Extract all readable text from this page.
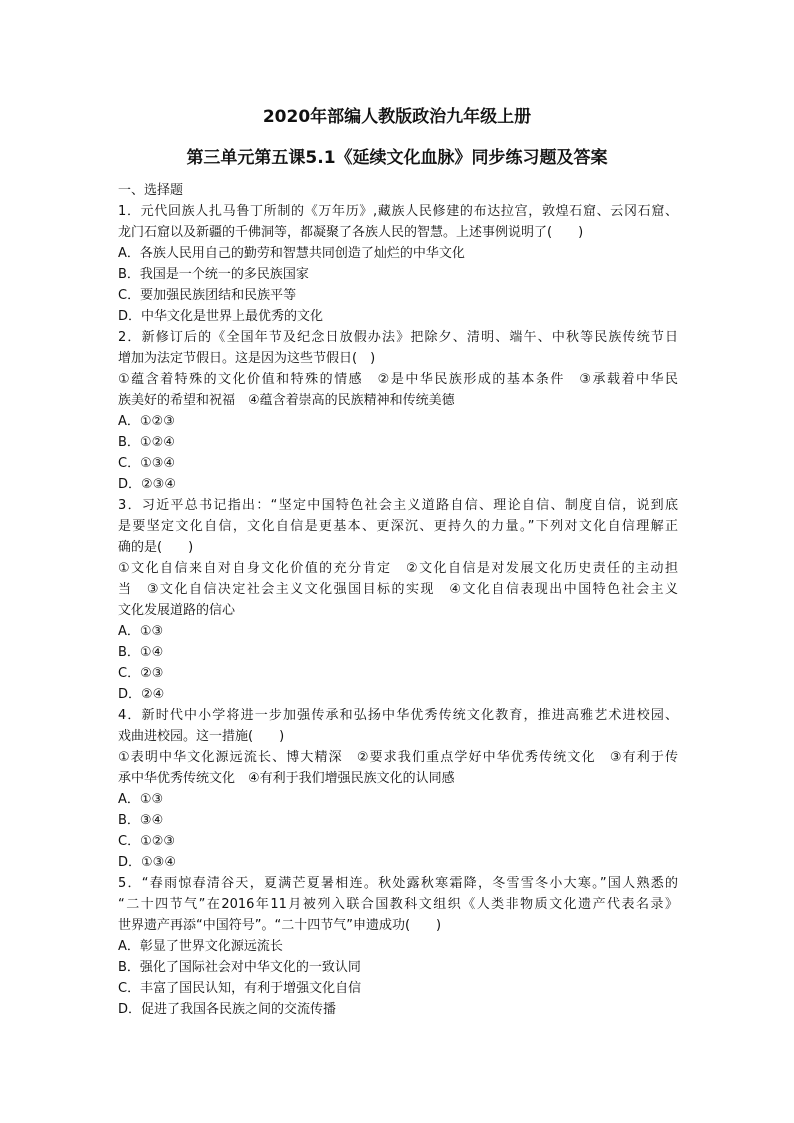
2020年部编人教版政治九年级上册
第三单元第五课5.1《延续文化血脉》同步练习题及答案
一、选择题
1．元代回族人扎马鲁丁所制的《万年历》,藏族人民修建的布达拉宫，敦煌石窟、云冈石窟、
龙门石窟以及新疆的千佛洞等，都凝聚了各族人民的智慧。上述事例说明了(　　)
A．各族人民用自己的勤劳和智慧共同创造了灿烂的中华文化
B．我国是一个统一的多民族国家
C．要加强民族团结和民族平等
D．中华文化是世界上最优秀的文化
2．新修订后的《全国年节及纪念日放假办法》把除夕、清明、端午、中秋等民族传统节日
增加为法定节假日。这是因为这些节假日(　)
①蕴含着特殊的文化价值和特殊的情感　②是中华民族形成的基本条件　③承载着中华民
族美好的希望和祝福　④蕴含着崇高的民族精神和传统美德
A．①②③
B．①②④
C．①③④
D．②③④
3．习近平总书记指出：“坚定中国特色社会主义道路自信、理论自信、制度自信，说到底
是要坚定文化自信，文化自信是更基本、更深沉、更持久的力量。”下列对文化自信理解正
确的是(　　)
①文化自信来自对自身文化价值的充分肯定　②文化自信是对发展文化历史责任的主动担
当　③文化自信决定社会主义文化强国目标的实现　④文化自信表现出中国特色社会主义
文化发展道路的信心
A．①③
B．①④
C．②③
D．②④
4．新时代中小学将进一步加强传承和弘扬中华优秀传统文化教育，推进高雅艺术进校园、
戏曲进校园。这一措施(　　)
①表明中华文化源远流长、博大精深　②要求我们重点学好中华优秀传统文化　③有利于传
承中华优秀传统文化　④有利于我们增强民族文化的认同感
A．①③
B．③④
C．①②③
D．①③④
5．“春雨惊春清谷天，夏满芒夏暑相连。秋处露秋寒霜降，冬雪雪冬小大寒。”国人熟悉的
“二十四节气”在2016年11月被列入联合国教科文组织《人类非物质文化遗产代表名录》
世界遗产再添“中国符号”。“二十四节气”申遗成功(　　)
A．彰显了世界文化源远流长
B．强化了国际社会对中华文化的一致认同
C．丰富了国民认知，有利于增强文化自信
D．促进了我国各民族之间的交流传播
